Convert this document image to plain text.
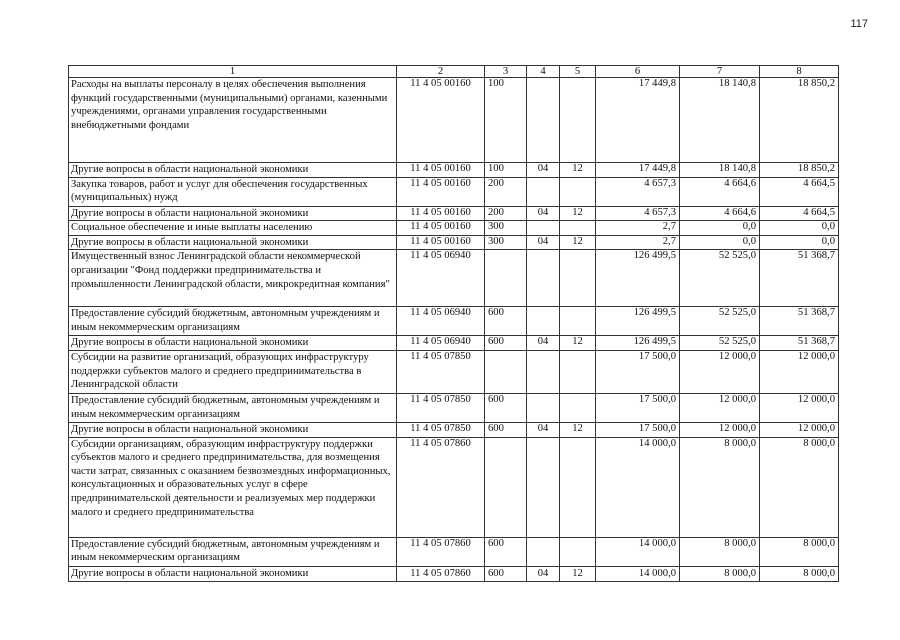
117
1	2	3	4	5	6	7	8
Расходы на выплаты персоналу в целях обеспечения выполнения функций государственными (муниципальными) органами, казенными учреждениями, органами управления государственными внебюджетными фондами	11 4 05 00160	100			17 449,8	18 140,8	18 850,2
Другие вопросы в области национальной экономики	11 4 05 00160	100	04	12	17 449,8	18 140,8	18 850,2
Закупка товаров, работ и услуг для обеспечения государственных (муниципальных) нужд	11 4 05 00160	200			4 657,3	4 664,6	4 664,5
Другие вопросы в области национальной экономики	11 4 05 00160	200	04	12	4 657,3	4 664,6	4 664,5
Социальное обеспечение и иные выплаты населению	11 4 05 00160	300			2,7	0,0	0,0
Другие вопросы в области национальной экономики	11 4 05 00160	300	04	12	2,7	0,0	0,0
Имущественный взнос Ленинградской области некоммерческой организации "Фонд поддержки предпринимательства и промышленности Ленинградской области, микрокредитная компания"	11 4 05 06940				126 499,5	52 525,0	51 368,7
Предоставление субсидий бюджетным, автономным учреждениям и иным некоммерческим организациям	11 4 05 06940	600			126 499,5	52 525,0	51 368,7
Другие вопросы в области национальной экономики	11 4 05 06940	600	04	12	126 499,5	52 525,0	51 368,7
Субсидии на развитие организаций, образующих инфраструктуру поддержки субъектов малого и среднего предпринимательства в Ленинградской области	11 4 05 07850				17 500,0	12 000,0	12 000,0
Предоставление субсидий бюджетным, автономным учреждениям и иным некоммерческим организациям	11 4 05 07850	600			17 500,0	12 000,0	12 000,0
Другие вопросы в области национальной экономики	11 4 05 07850	600	04	12	17 500,0	12 000,0	12 000,0
Субсидии организациям, образующим инфраструктуру поддержки субъектов малого и среднего предпринимательства, для возмещения части затрат, связанных с оказанием безвозмездных информационных, консультационных и образовательных услуг в сфере предпринимательской деятельности и реализуемых мер поддержки малого и среднего предпринимательства	11 4 05 07860				14 000,0	8 000,0	8 000,0
Предоставление субсидий бюджетным, автономным учреждениям и иным некоммерческим организациям	11 4 05 07860	600			14 000,0	8 000,0	8 000,0
Другие вопросы в области национальной экономики	11 4 05 07860	600	04	12	14 000,0	8 000,0	8 000,0
